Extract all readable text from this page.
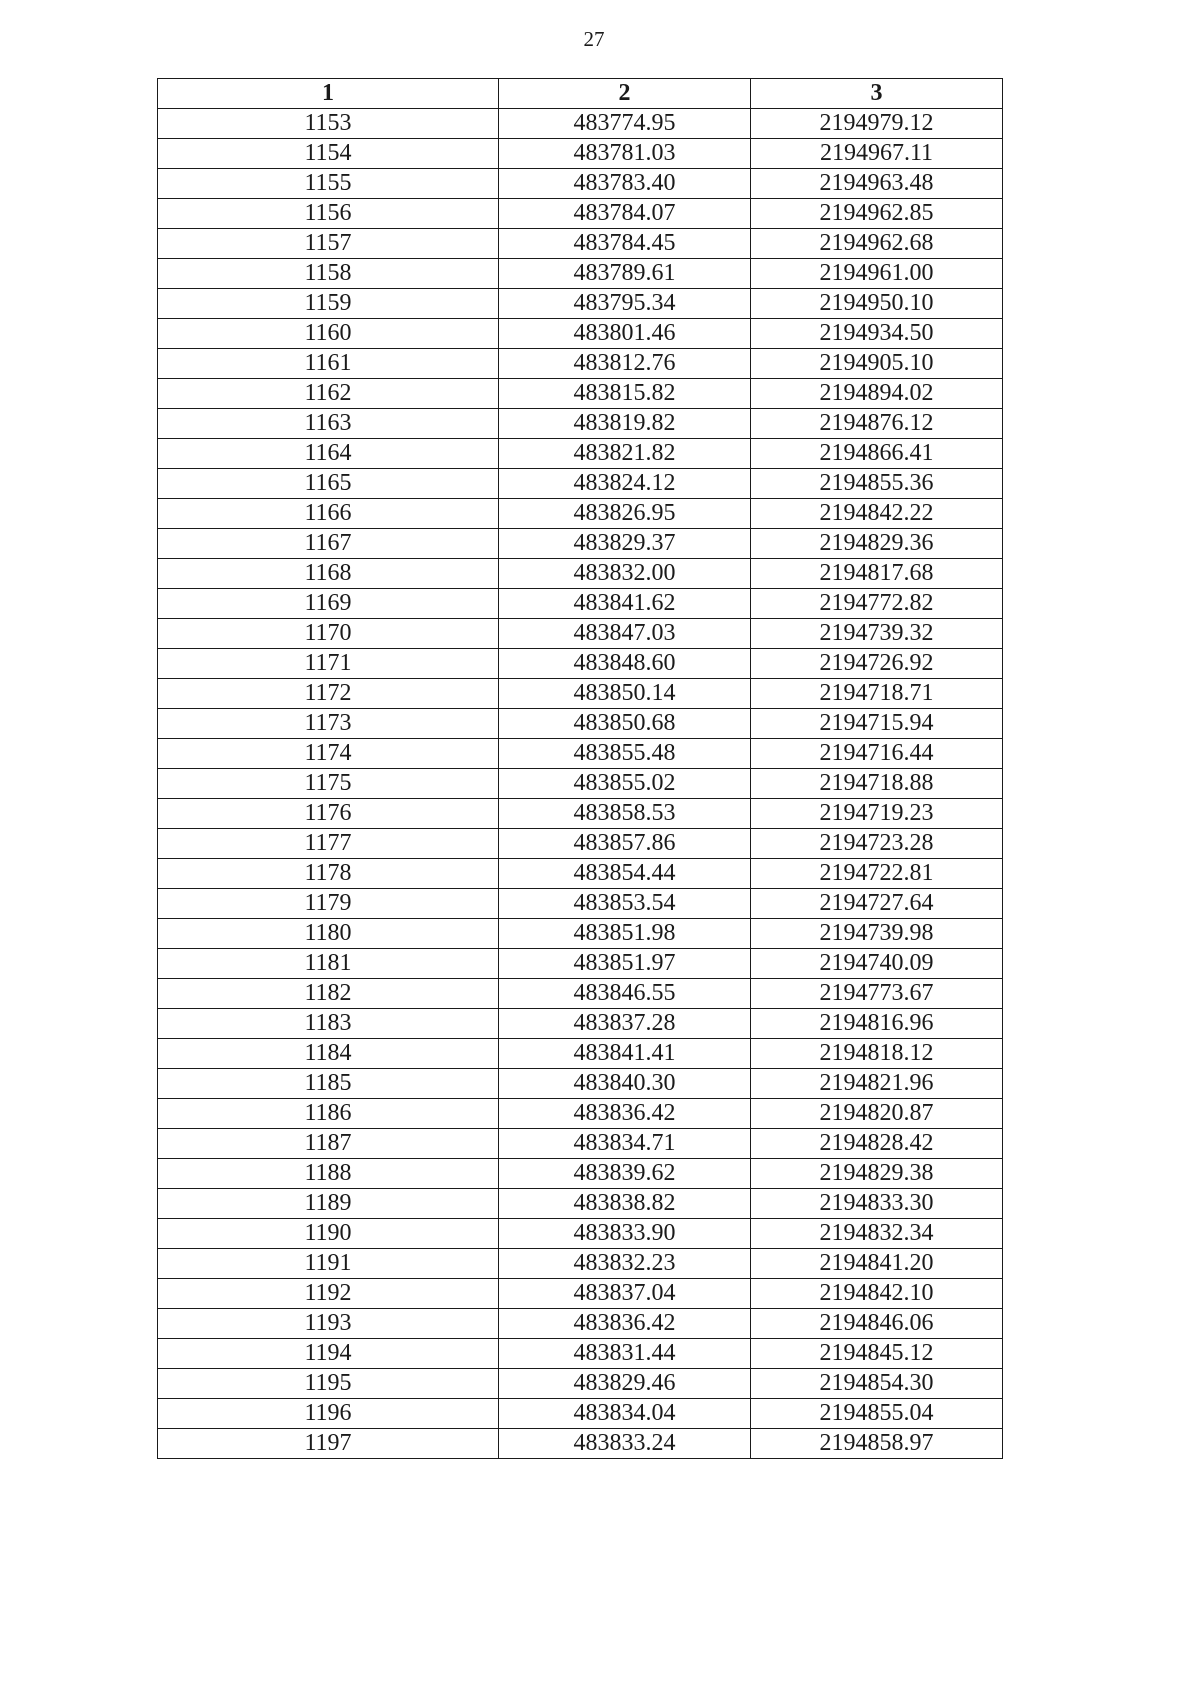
27
1	2	3
1153	483774.95	2194979.12
1154	483781.03	2194967.11
1155	483783.40	2194963.48
1156	483784.07	2194962.85
1157	483784.45	2194962.68
1158	483789.61	2194961.00
1159	483795.34	2194950.10
1160	483801.46	2194934.50
1161	483812.76	2194905.10
1162	483815.82	2194894.02
1163	483819.82	2194876.12
1164	483821.82	2194866.41
1165	483824.12	2194855.36
1166	483826.95	2194842.22
1167	483829.37	2194829.36
1168	483832.00	2194817.68
1169	483841.62	2194772.82
1170	483847.03	2194739.32
1171	483848.60	2194726.92
1172	483850.14	2194718.71
1173	483850.68	2194715.94
1174	483855.48	2194716.44
1175	483855.02	2194718.88
1176	483858.53	2194719.23
1177	483857.86	2194723.28
1178	483854.44	2194722.81
1179	483853.54	2194727.64
1180	483851.98	2194739.98
1181	483851.97	2194740.09
1182	483846.55	2194773.67
1183	483837.28	2194816.96
1184	483841.41	2194818.12
1185	483840.30	2194821.96
1186	483836.42	2194820.87
1187	483834.71	2194828.42
1188	483839.62	2194829.38
1189	483838.82	2194833.30
1190	483833.90	2194832.34
1191	483832.23	2194841.20
1192	483837.04	2194842.10
1193	483836.42	2194846.06
1194	483831.44	2194845.12
1195	483829.46	2194854.30
1196	483834.04	2194855.04
1197	483833.24	2194858.97
